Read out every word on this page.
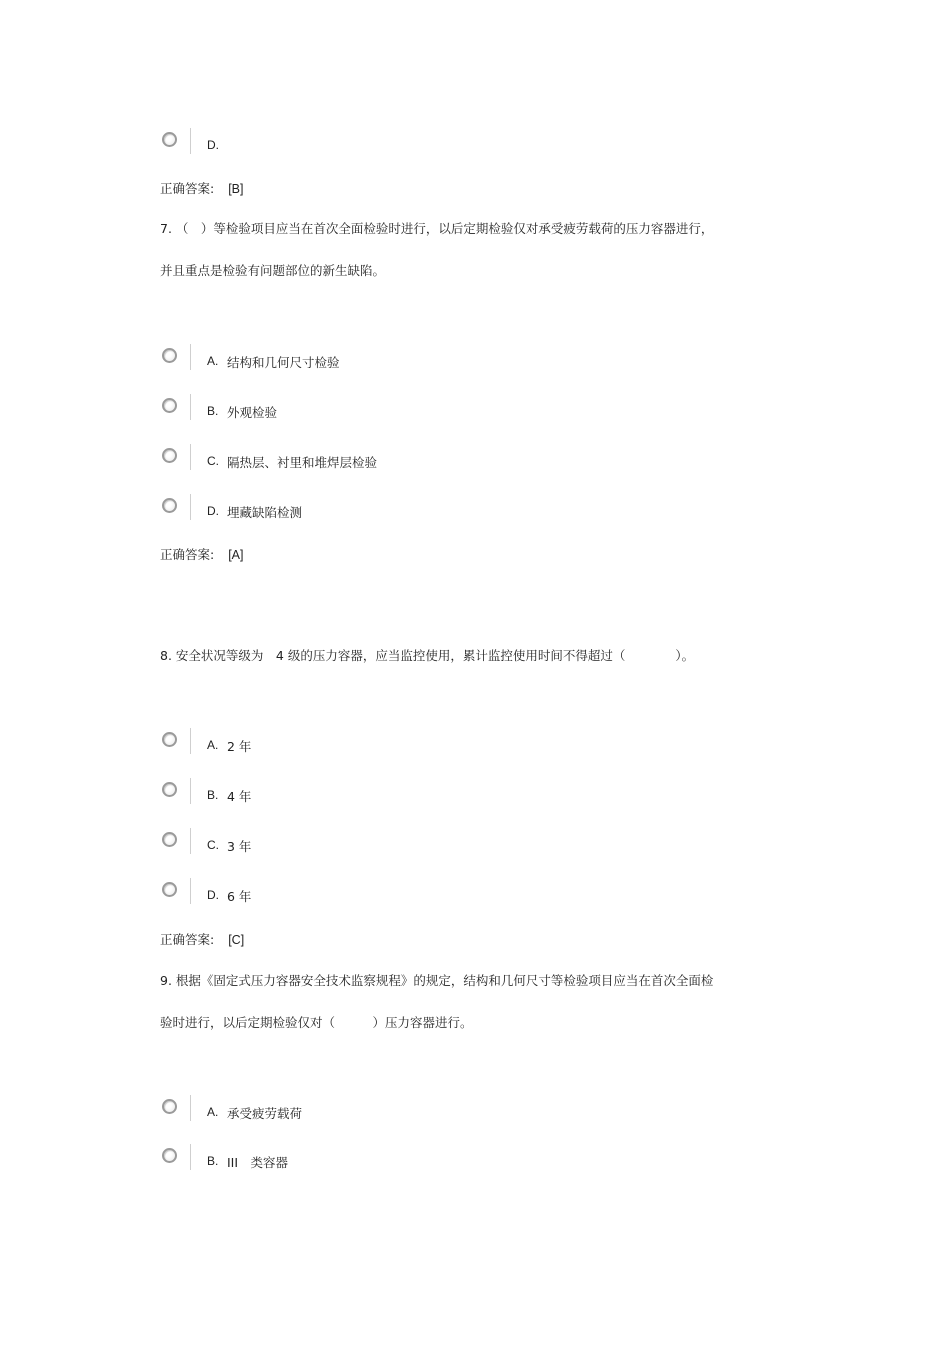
D.
正确答案: [B]
7. （　）等检验项目应当在首次全面检验时进行，以后定期检验仅对承受疲劳载荷的压力容器进行，
并且重点是检验有问题部位的新生缺陷。
A. 结构和几何尺寸检验
B. 外观检验
C. 隔热层、衬里和堆焊层检验
D. 埋藏缺陷检测
正确答案: [A]
8. 安全状况等级为　4 级的压力容器，应当监控使用，累计监控使用时间不得超过（　　　　）。
A. 2 年
B. 4 年
C. 3 年
D. 6 年
正确答案: [C]
9. 根据《固定式压力容器安全技术监察规程》的规定，结构和几何尺寸等检验项目应当在首次全面检
验时进行，以后定期检验仅对（　　　）压力容器进行。
A. 承受疲劳载荷
B. III　类容器
